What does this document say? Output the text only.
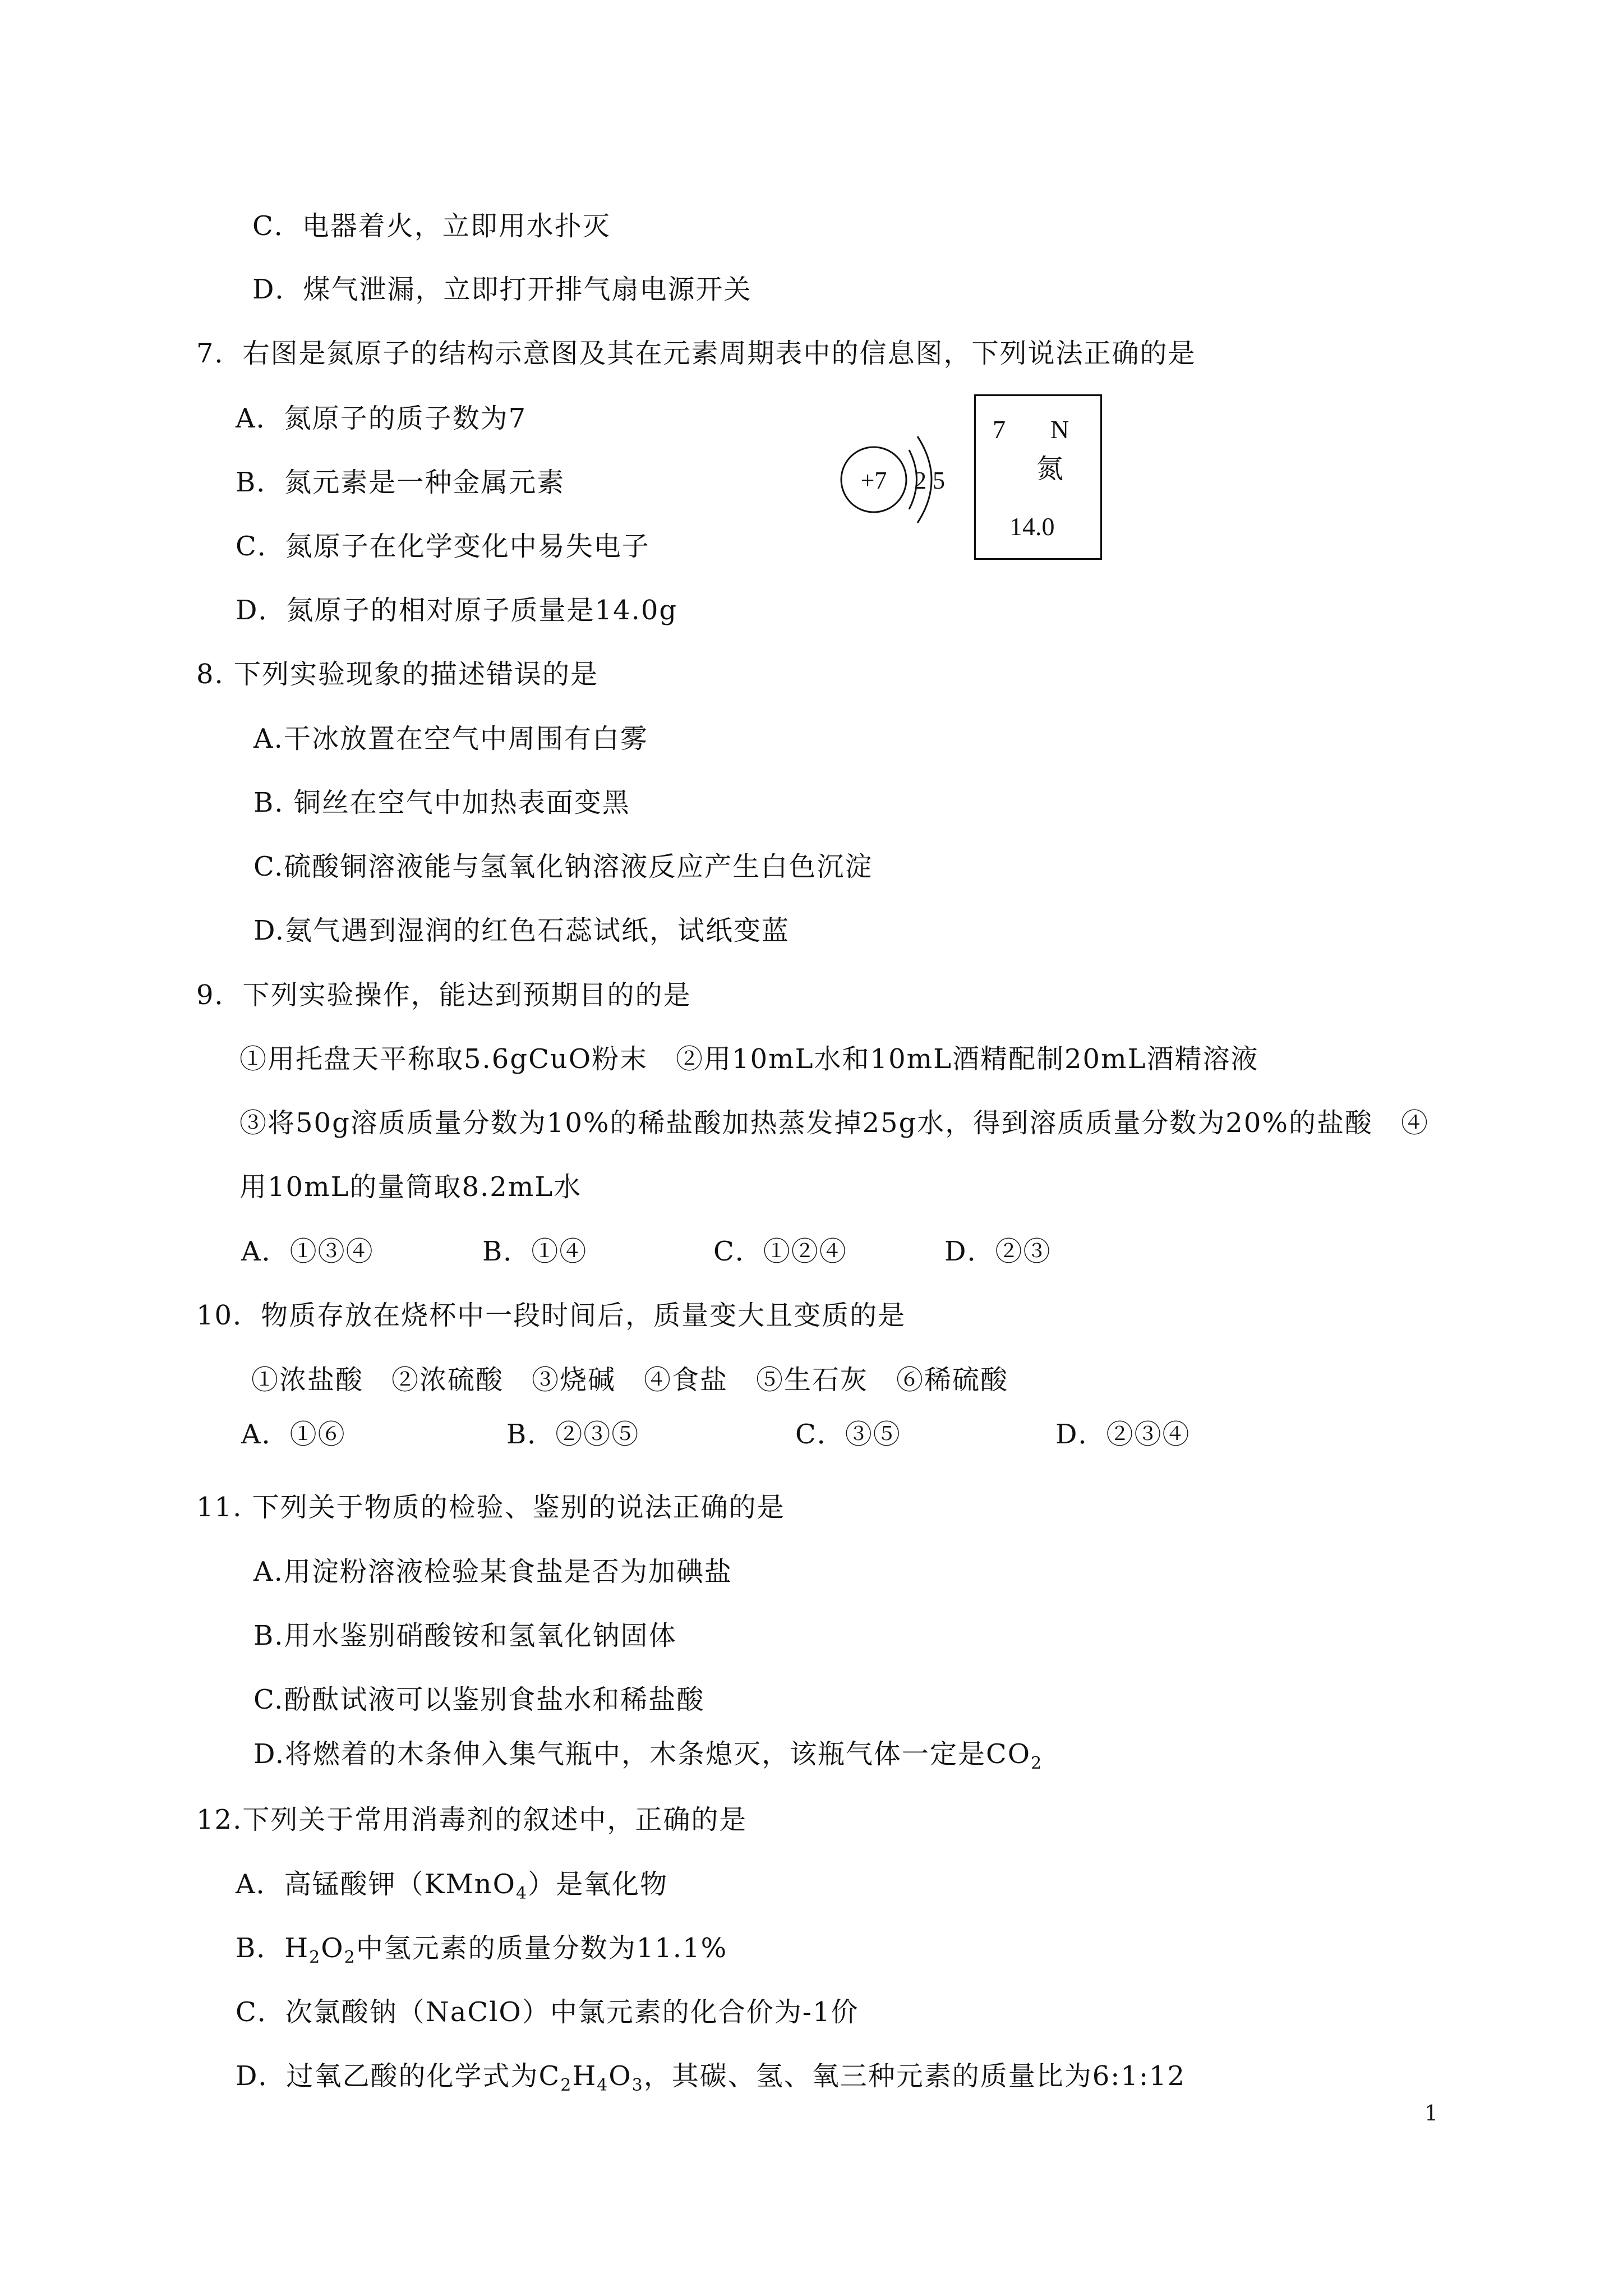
C．电器着火，立即用水扑灭
D．煤气泄漏，立即打开排气扇电源开关
7．右图是氮原子的结构示意图及其在元素周期表中的信息图，下列说法正确的是
A．氮原子的质子数为7
B．氮元素是一种金属元素
C．氮原子在化学变化中易失电子
D．氮原子的相对原子质量是14.0g
+7 2 5
7 N
氮
14.0
8. 下列实验现象的描述错误的是
A.干冰放置在空气中周围有白雾
B. 铜丝在空气中加热表面变黑
C.硫酸铜溶液能与氢氧化钠溶液反应产生白色沉淀
D.氨气遇到湿润的红色石蕊试纸，试纸变蓝
9．下列实验操作，能达到预期目的的是
①用托盘天平称取5.6gCuO粉末　②用10mL水和10mL酒精配制20mL酒精溶液
③将50g溶质质量分数为10%的稀盐酸加热蒸发掉25g水，得到溶质质量分数为20%的盐酸　④
用10mL的量筒取8.2mL水
A．①③④	B．①④	C．①②④	D．②③
10．物质存放在烧杯中一段时间后，质量变大且变质的是
①浓盐酸　②浓硫酸　③烧碱　④食盐　⑤生石灰　⑥稀硫酸
A．①⑥	B．②③⑤	C．③⑤	D．②③④
11. 下列关于物质的检验、鉴别的说法正确的是
A.用淀粉溶液检验某食盐是否为加碘盐
B.用水鉴别硝酸铵和氢氧化钠固体
C.酚酞试液可以鉴别食盐水和稀盐酸
D.将燃着的木条伸入集气瓶中，木条熄灭，该瓶气体一定是$CO_2$
12.下列关于常用消毒剂的叙述中，正确的是
A．高锰酸钾（KMnO$_4$）是氧化物
B．$H_2O_2$中氢元素的质量分数为11.1%
C．次氯酸钠（NaClO）中氯元素的化合价为-1价
D．过氧乙酸的化学式为$C_2H_4O_3$，其碳、氢、氧三种元素的质量比为6:1:12
1
